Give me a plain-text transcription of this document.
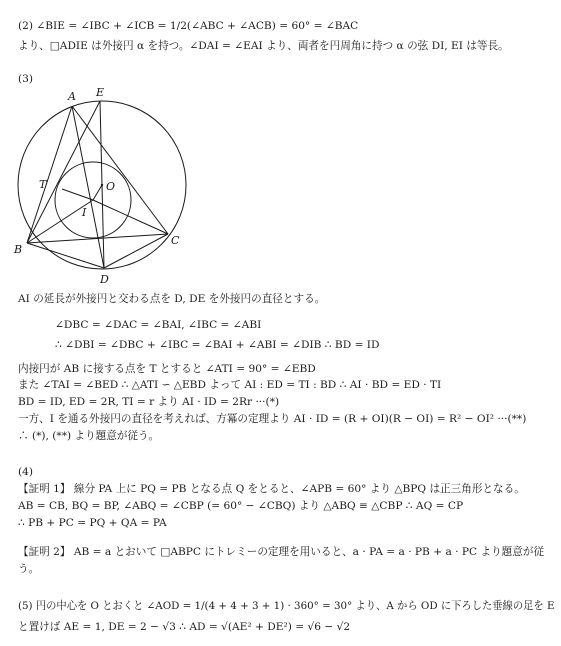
(2) ∠BIE = ∠IBC + ∠ICB = 1/2(∠ABC + ∠ACB) = 60° = ∠BAC
より、□ADIE は外接円 α を持つ。∠DAI = ∠EAI より、両者を円周角に持つ α の弦 DI, EI は等長。
(3)
A E
T	O
I
B
C
D
AI の延長が外接円と交わる点を D, DE を外接円の直径とする。
∠DBC = ∠DAC = ∠BAI, ∠IBC = ∠ABI
∴ ∠DBI = ∠DBC + ∠IBC = ∠BAI + ∠ABI = ∠DIB ∴ BD = ID
内接円が AB に接する点を T とすると ∠ATI = 90° = ∠EBD
また ∠TAI = ∠BED ∴ △ATI ∽ △EBD よって AI : ED = TI : BD ∴ AI · BD = ED · TI
BD = ID, ED = 2R, TI = r より AI · ID = 2Rr ···(*)
一方、I を通る外接円の直径を考えれば、方冪の定理より AI · ID = (R + OI)(R − OI) = R² − OI² ···(**)
∴ (*), (**) より題意が従う。
(4)
【証明 1】 線分 PA 上に PQ = PB となる点 Q をとると、∠APB = 60° より △BPQ は正三角形となる。
AB = CB, BQ = BP, ∠ABQ = ∠CBP (= 60° − ∠CBQ) より △ABQ ≡ △CBP ∴ AQ = CP
∴ PB + PC = PQ + QA = PA
【証明 2】 AB = a とおいて □ABPC にトレミーの定理を用いると、a · PA = a · PB + a · PC より題意が従
う。
(5) 円の中心を O とおくと ∠AOD = 1/(4 + 4 + 3 + 1) · 360° = 30° より、A から OD に下ろした垂線の足を E
と置けば AE = 1, DE = 2 − √3 ∴ AD = √(AE² + DE²) = √6 − √2
